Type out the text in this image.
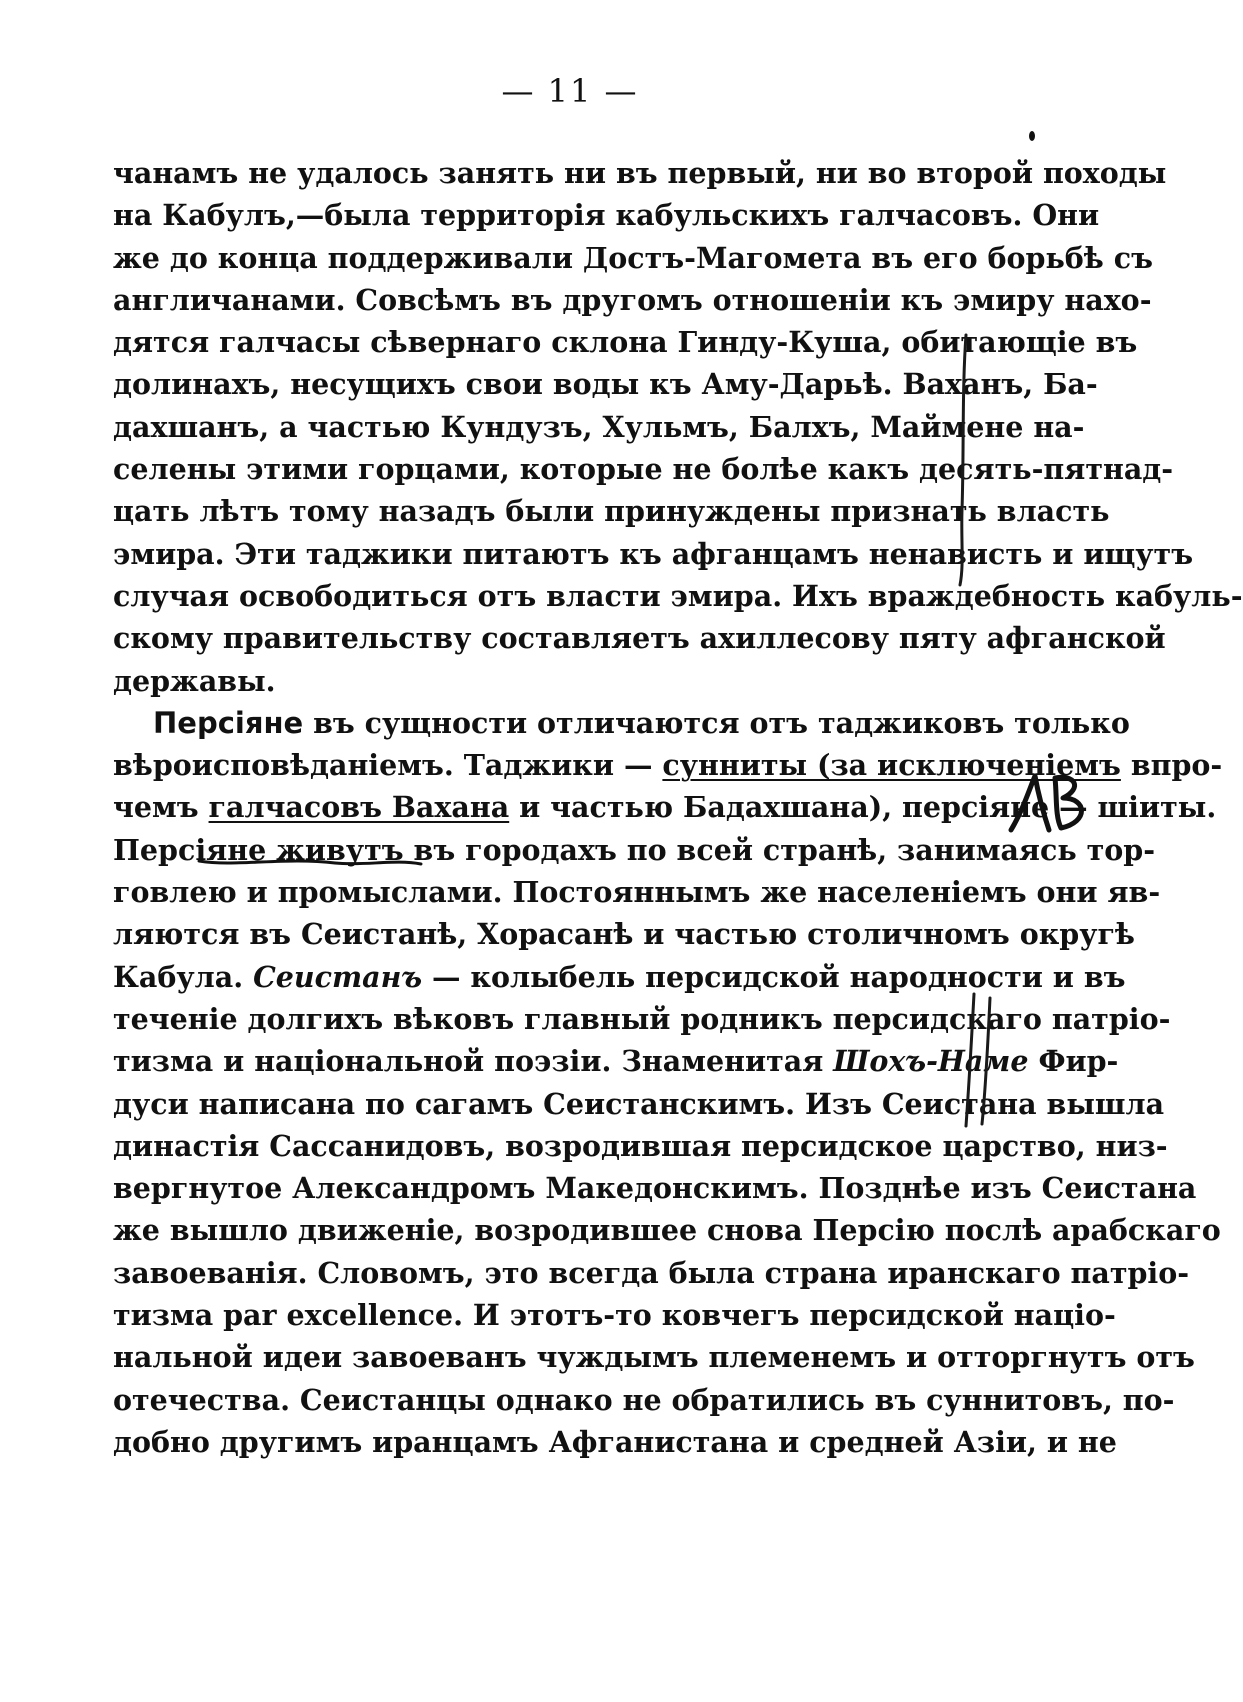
— 11 —
чанамъ не удалось занять ни въ первый, ни во второй походы
на Кабулъ,—была территорія кабульскихъ галчасовъ. Они
же до конца поддерживали Достъ-Магомета въ его борьбѣ съ
англичанами. Совсѣмъ въ другомъ отношеніи къ эмиру нахо-
дятся галчасы сѣвернаго склона Гинду-Куша, обитающіе въ
долинахъ, несущихъ свои воды къ Аму-Дарьѣ. Ваханъ, Ба-
дахшанъ, а частью Кундузъ, Хульмъ, Балхъ, Маймене на-
селены этими горцами, которые не болѣе какъ десять-пятнад-
цать лѣтъ тому назадъ были принуждены признать власть
эмира. Эти таджики питаютъ къ афганцамъ ненависть и ищутъ
случая освободиться отъ власти эмира. Ихъ враждебность кабуль-
скому правительству составляетъ ахиллесову пяту афганской
державы.
Персіяне въ сущности отличаются отъ таджиковъ только
вѣроисповѣданіемъ. Таджики — сунниты (за исключеніемъ впро-
чемъ галчасовъ Вахана и частью Бадахшана), персіяне — шіиты.
Персіяне живутъ въ городахъ по всей странѣ, занимаясь тор-
говлею и промыслами. Постояннымъ же населеніемъ они яв-
ляются въ Сеистанѣ, Хорасанѣ и частью столичномъ округѣ
Кабула. Сеистанъ — колыбель персидской народности и въ
теченіе долгихъ вѣковъ главный родникъ персидскаго патріо-
тизма и національной поэзіи. Знаменитая Шохъ-Наме Фир-
дуси написана по сагамъ Сеистанскимъ. Изъ Сеистана вышла
династія Сассанидовъ, возродившая персидское царство, низ-
вергнутое Александромъ Македонскимъ. Позднѣе изъ Сеистана
же вышло движеніе, возродившее снова Персію послѣ арабскаго
завоеванія. Словомъ, это всегда была страна иранскаго патріо-
тизма par excellence. И этотъ-то ковчегъ персидской націо-
нальной идеи завоеванъ чуждымъ племенемъ и отторгнутъ отъ
отечества. Сеистанцы однако не обратились въ суннитовъ, по-
добно другимъ иранцамъ Афганистана и средней Азіи, и не
